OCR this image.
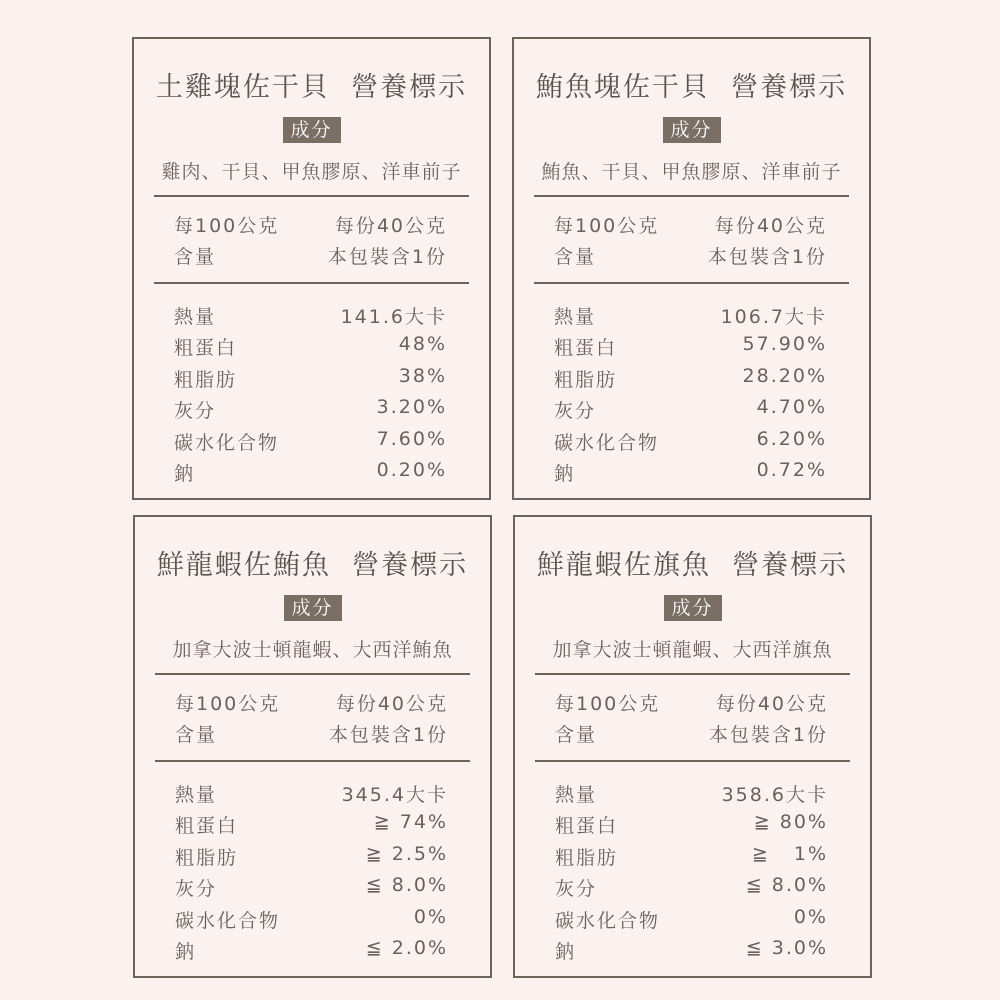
土雞塊佐干貝  營養標示
成分
雞肉、干貝、甲魚膠原、洋車前子
每100公克	每份40公克
含量	本包裝含1份
熱量	141.6大卡
粗蛋白	48%
粗脂肪	38%
灰分	3.20%
碳水化合物	7.60%
鈉	0.20%
鮪魚塊佐干貝  營養標示
成分
鮪魚、干貝、甲魚膠原、洋車前子
每100公克	每份40公克
含量	本包裝含1份
熱量	106.7大卡
粗蛋白	57.90%
粗脂肪	28.20%
灰分	4.70%
碳水化合物	6.20%
鈉	0.72%
鮮龍蝦佐鮪魚  營養標示
成分
加拿大波士頓龍蝦、大西洋鮪魚
每100公克	每份40公克
含量	本包裝含1份
熱量	345.4大卡
粗蛋白	≧ 74%
粗脂肪	≧ 2.5%
灰分	≦ 8.0%
碳水化合物	0%
鈉	≦ 2.0%
鮮龍蝦佐旗魚  營養標示
成分
加拿大波士頓龍蝦、大西洋旗魚
每100公克	每份40公克
含量	本包裝含1份
熱量	358.6大卡
粗蛋白	≧ 80%
粗脂肪	≧   1%
灰分	≦ 8.0%
碳水化合物	0%
鈉	≦ 3.0%
